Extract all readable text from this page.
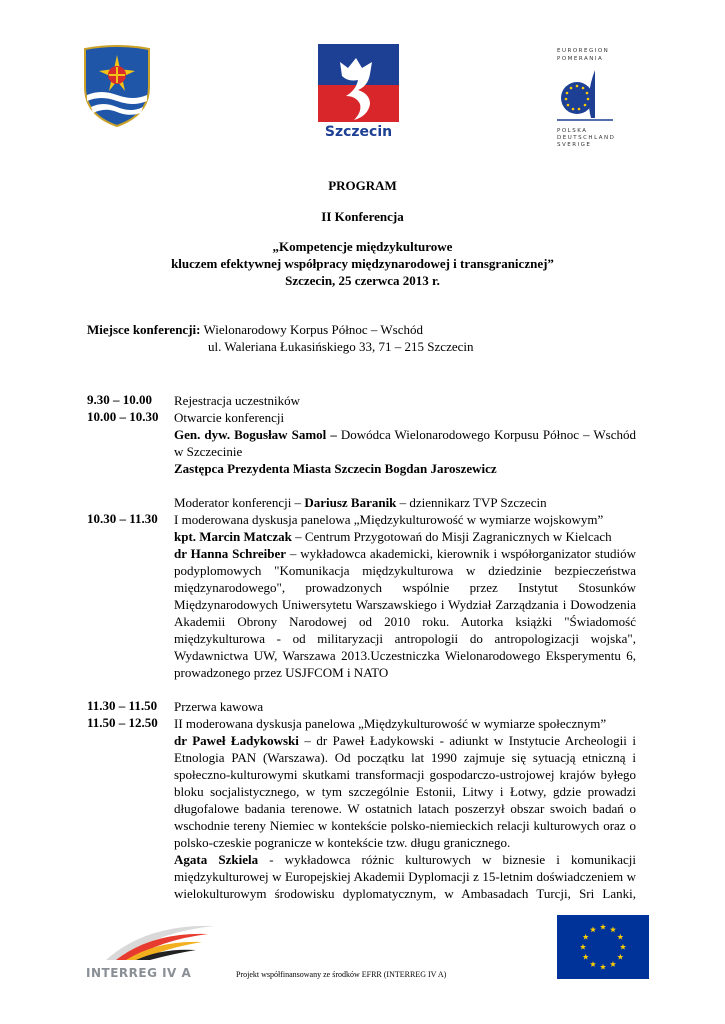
Szczecin
EUROREGION
POMERANIA
POLSKA
DEUTSCHLAND
SVERIGE
PROGRAM
II Konferencja
„Kompetencje międzykulturowe
kluczem efektywnej współpracy międzynarodowej i transgranicznej”
Szczecin, 25 czerwca 2013 r.
Miejsce konferencji: Wielonarodowy Korpus Północ – Wschód
ul. Waleriana Łukasińskiego 33, 71 – 215 Szczecin
9.30 – 10.00 Rejestracja uczestników
10.00 – 10.30 Otwarcie konferencji
Gen. dyw. Bogusław Samol – Dowódca Wielonarodowego Korpusu Północ – Wschód w Szczecinie
Zastępca Prezydenta Miasta Szczecin Bogdan Jaroszewicz
Moderator konferencji – Dariusz Baranik – dziennikarz TVP Szczecin
10.30 – 11.30 I moderowana dyskusja panelowa „Międzykulturowość w wymiarze wojskowym”
kpt. Marcin Matczak – Centrum Przygotowań do Misji Zagranicznych w Kielcach
dr Hanna Schreiber – wykładowca akademicki, kierownik i współorganizator studiów podyplomowych "Komunikacja międzykulturowa w dziedzinie bezpieczeństwa międzynarodowego", prowadzonych wspólnie przez Instytut Stosunków Międzynarodowych Uniwersytetu Warszawskiego i Wydział Zarządzania i Dowodzenia Akademii Obrony Narodowej od 2010 roku. Autorka książki "Świadomość międzykulturowa - od militaryzacji antropologii do antropologizacji wojska", Wydawnictwa UW, Warszawa 2013.Uczestniczka Wielonarodowego Eksperymentu 6, prowadzonego przez USJFCOM i NATO
11.30 – 11.50 Przerwa kawowa
11.50 – 12.50 II moderowana dyskusja panelowa „Międzykulturowość w wymiarze społecznym”
dr Paweł Ładykowski – dr Paweł Ładykowski - adiunkt w Instytucie Archeologii i Etnologia PAN (Warszawa). Od początku lat 1990 zajmuje się sytuacją etniczną i społeczno-kulturowymi skutkami transformacji gospodarczo-ustrojowej krajów byłego bloku socjalistycznego, w tym szczególnie Estonii, Litwy i Łotwy, gdzie prowadzi długofalowe badania terenowe. W ostatnich latach poszerzył obszar swoich badań o wschodnie tereny Niemiec w kontekście polsko-niemieckich relacji kulturowych oraz o polsko-czeskie pogranicze w kontekście tzw. długu granicznego.
Agata Szkiela - wykładowca różnic kulturowych w biznesie i komunikacji międzykulturowej w Europejskiej Akademii Dyplomacji z 15-letnim doświadczeniem w wielokulturowym środowisku dyplomatycznym, w Ambasadach Turcji, Sri Lanki,
INTERREG IV A	Projekt współfinansowany ze środków EFRR (INTERREG IV A)
